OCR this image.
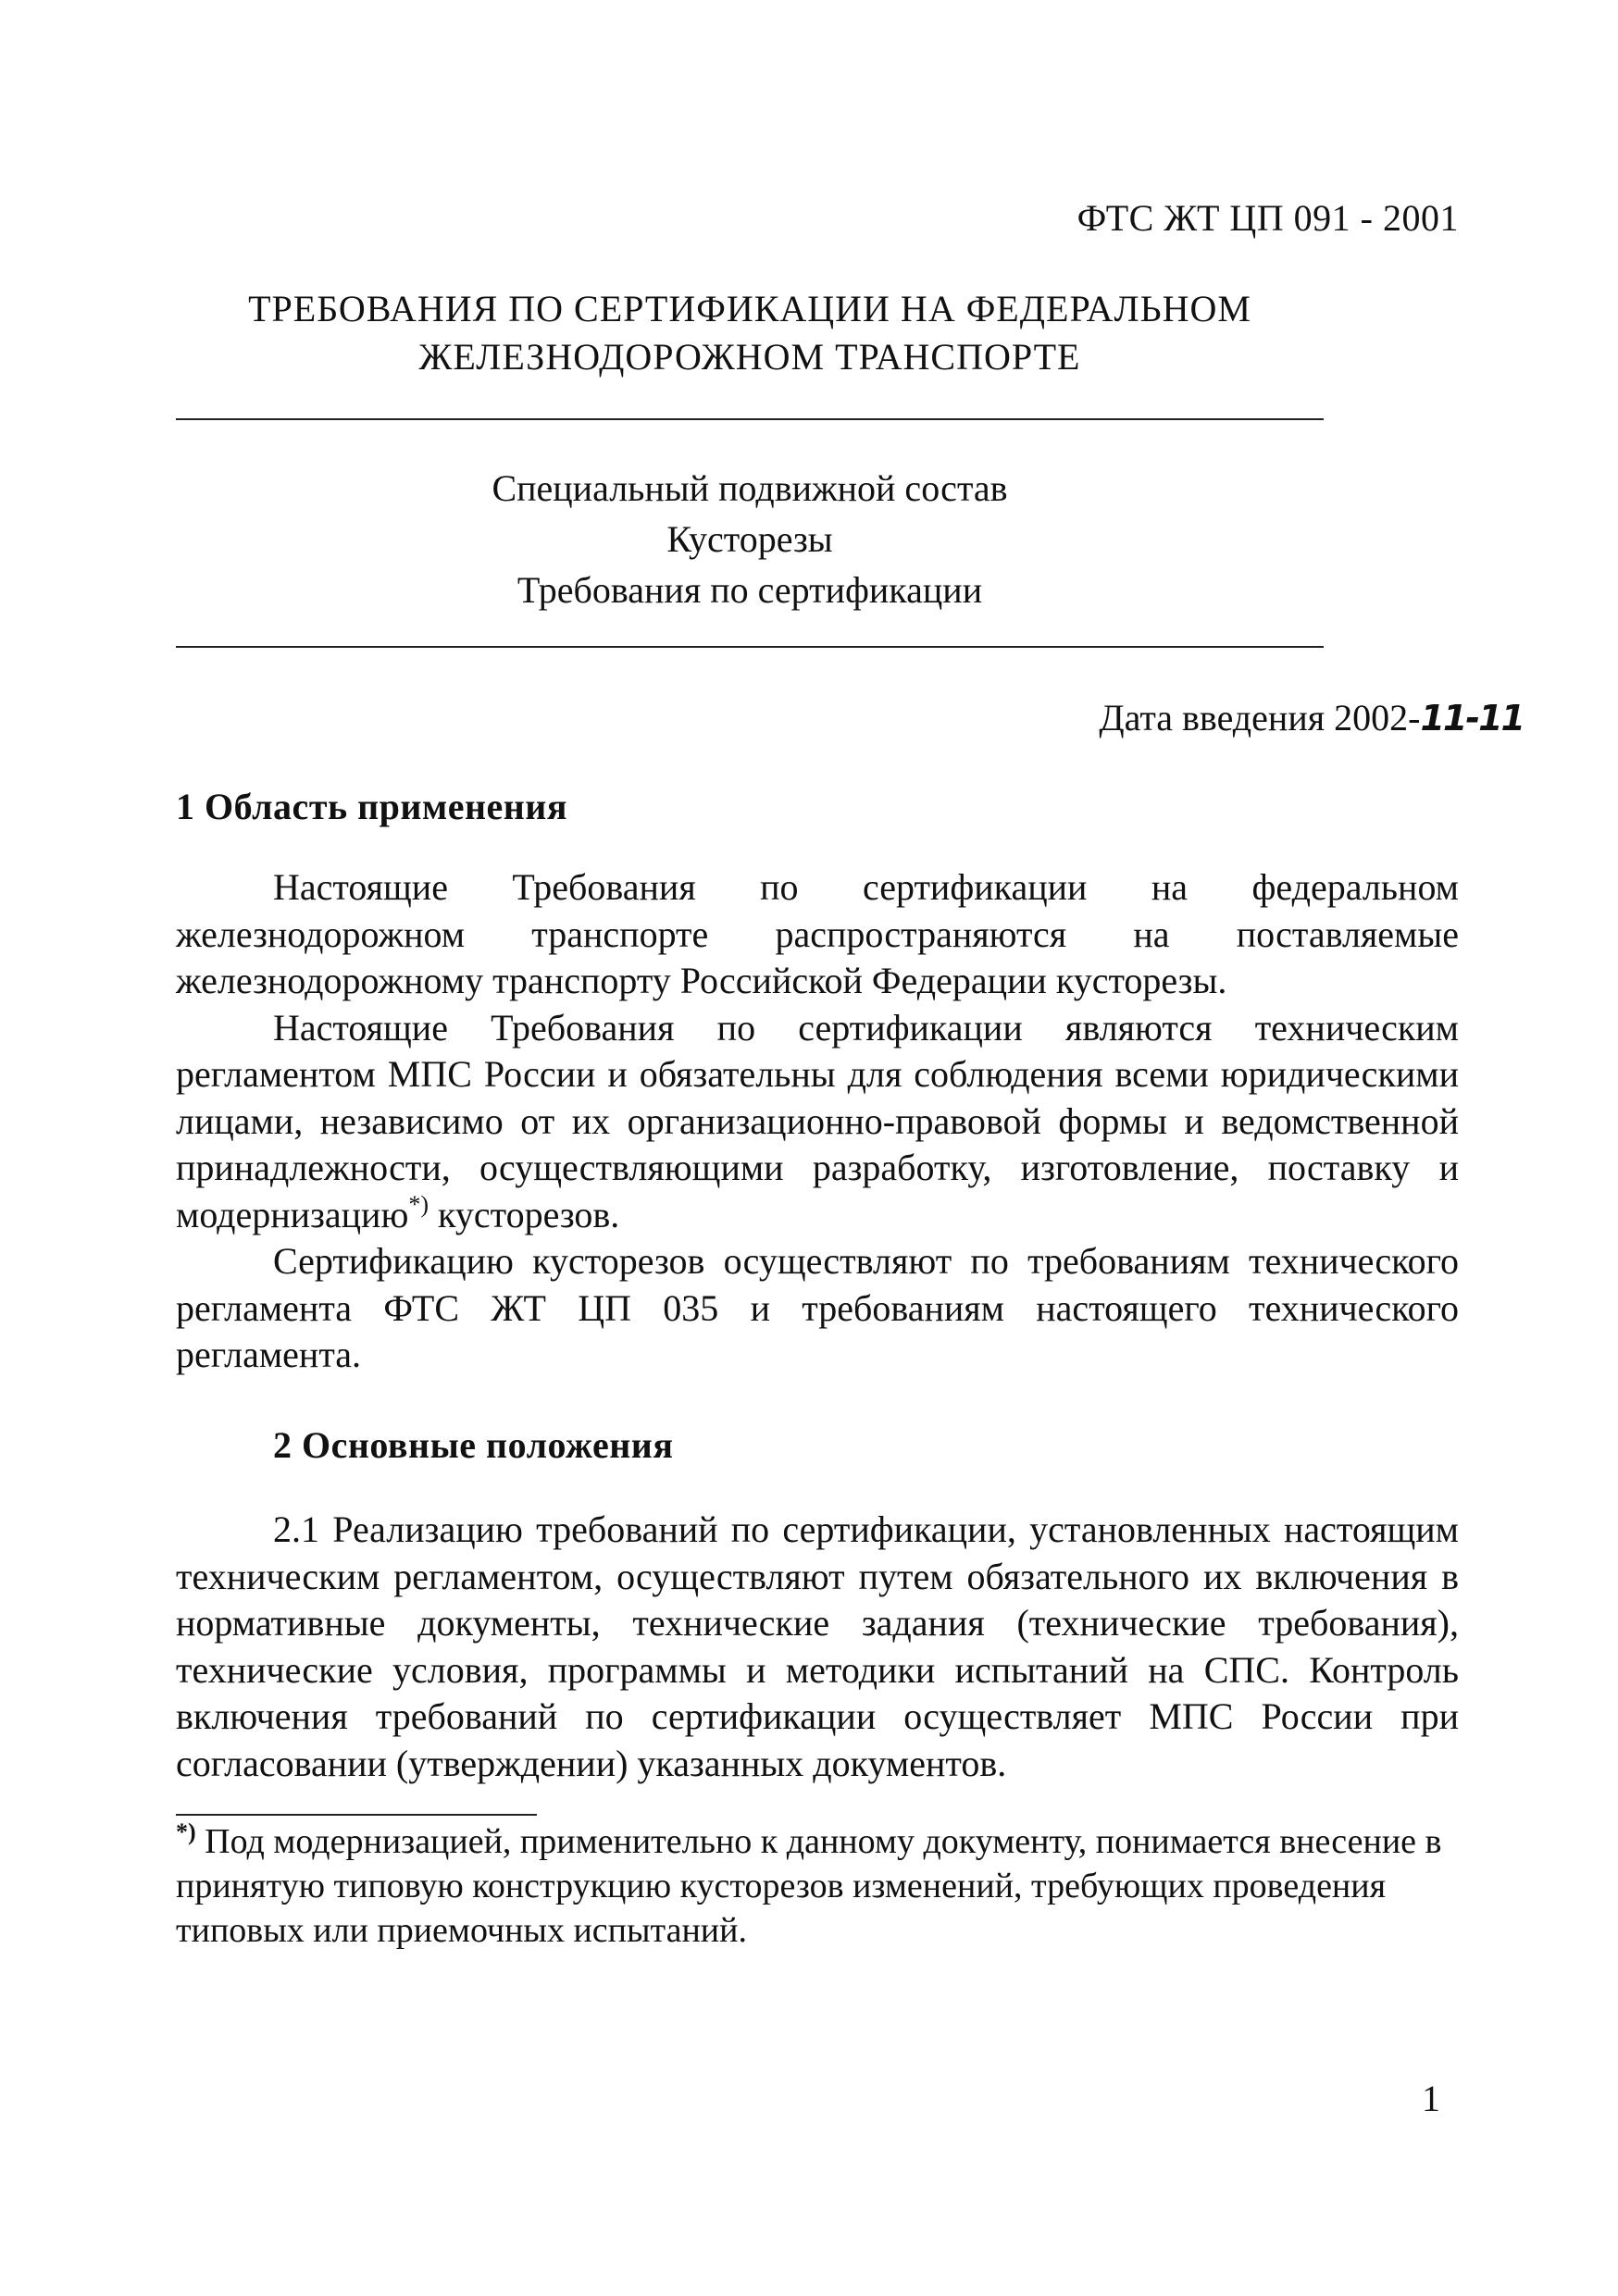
ФТС ЖТ ЦП 091 - 2001
ТРЕБОВАНИЯ ПО СЕРТИФИКАЦИИ НА ФЕДЕРАЛЬНОМ
ЖЕЛЕЗНОДОРОЖНОМ ТРАНСПОРТЕ
Специальный подвижной состав
Кусторезы
Требования по сертификации
Дата введения 2002-11-11
1 Область применения

Настоящие Требования по сертификации на федеральном железнодорожном транспорте распространяются на поставляемые железнодорожному транспорту Российской Федерации кусторезы.

Настоящие Требования по сертификации являются техническим регламентом МПС России и обязательны для соблюдения всеми юридическими лицами, независимо от их организационно-правовой формы и ведомственной принадлежности, осуществляющими разработку, изготовление, поставку и модернизацию*) кусторезов.

Сертификацию кусторезов осуществляют по требованиям технического регламента ФТС ЖТ ЦП 035 и требованиям настоящего технического регламента.

2 Основные положения

2.1 Реализацию требований по сертификации, установленных настоящим техническим регламентом, осуществляют путем обязательного их включения в нормативные документы, технические задания (технические требования), технические условия, программы и методики испытаний на СПС. Контроль включения требований по сертификации осуществляет МПС России при согласовании (утверждении) указанных документов.

*) Под модернизацией, применительно к данному документу, понимается внесение в принятую типовую конструкцию кусторезов изменений, требующих проведения типовых или приемочных испытаний.
1
